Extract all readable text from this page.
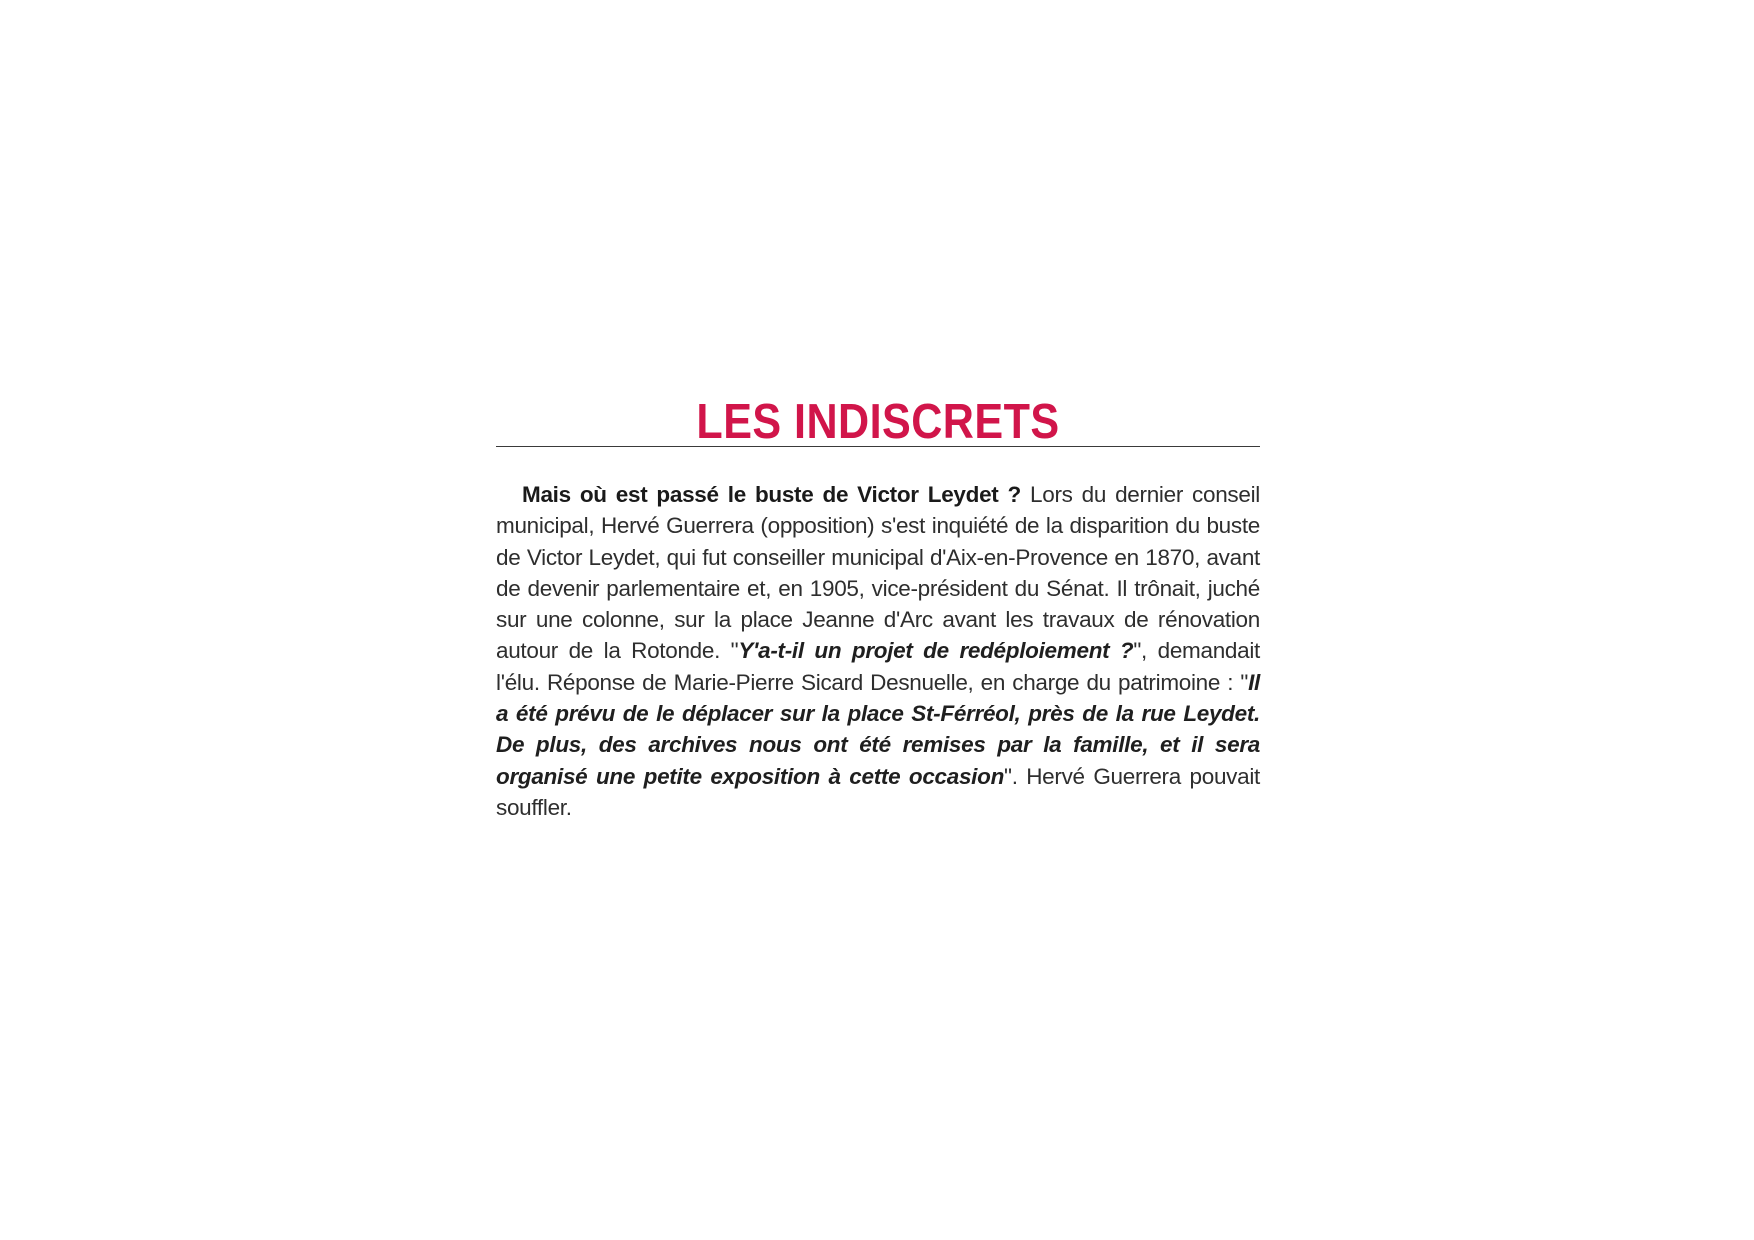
LES INDISCRETS

Mais où est passé le buste de Victor Leydet ? Lors du dernier conseil municipal, Hervé Guerrera (opposition) s'est inquiété de la disparition du buste de Victor Leydet, qui fut conseiller municipal d'Aix-en-Provence en 1870, avant de devenir parlementaire et, en 1905, vice-président du Sénat. Il trônait, juché sur une colonne, sur la place Jeanne d'Arc avant les travaux de rénovation autour de la Rotonde. "Y'a-t-il un projet de redéploiement ?", demandait l'élu. Réponse de Marie-Pierre Sicard Desnuelle, en charge du patrimoine : "Il a été prévu de le déplacer sur la place St-Férréol, près de la rue Leydet. De plus, des archives nous ont été remises par la famille, et il sera organisé une petite exposition à cette occasion". Hervé Guerrera pouvait souffler.
